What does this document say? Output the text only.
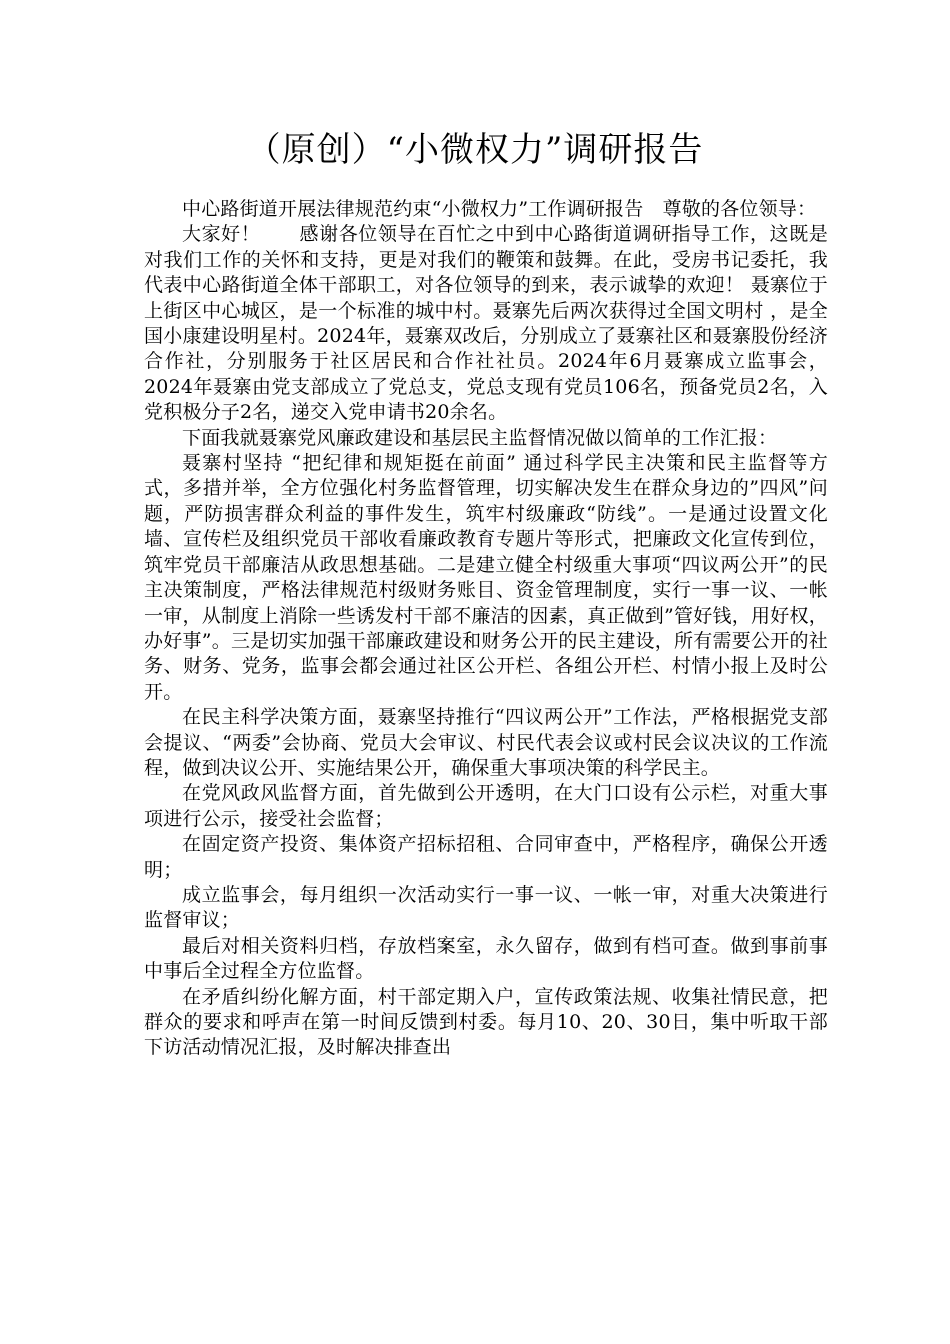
（原创）“小微权力”调研报告

中心路街道开展法律规范约束“小微权力”工作调研报告　尊敬的各位领导：

大家好！　　感谢各位领导在百忙之中到中心路街道调研指导工作，这既是对我们工作的关怀和支持，更是对我们的鞭策和鼓舞。在此，受房书记委托，我代表中心路街道全体干部职工，对各位领导的到来，表示诚挚的欢迎！ 聂寨位于上街区中心城区，是一个标准的城中村。聂寨先后两次获得过全国文明村 ，是全国小康建设明星村。2024年，聂寨双改后，分别成立了聂寨社区和聂寨股份经济合作社，分别服务于社区居民和合作社社员。2024年6月聂寨成立监事会，2024年聂寨由党支部成立了党总支，党总支现有党员106名，预备党员2名，入党积极分子2名，递交入党申请书20余名。

下面我就聂寨党风廉政建设和基层民主监督情况做以简单的工作汇报：

聂寨村坚持 “把纪律和规矩挺在前面” 通过科学民主决策和民主监督等方式，多措并举，全方位强化村务监督管理，切实解决发生在群众身边的”四风”问题，严防损害群众利益的事件发生，筑牢村级廉政“防线”。一是通过设置文化墙、宣传栏及组织党员干部收看廉政教育专题片等形式，把廉政文化宣传到位，筑牢党员干部廉洁从政思想基础。二是建立健全村级重大事项“四议两公开”的民主决策制度，严格法律规范村级财务账目、资金管理制度，实行一事一议、一帐一审，从制度上消除一些诱发村干部不廉洁的因素，真正做到”管好钱，用好权，办好事”。三是切实加强干部廉政建设和财务公开的民主建设，所有需要公开的社务、财务、党务，监事会都会通过社区公开栏、各组公开栏、村情小报上及时公开。

在民主科学决策方面，聂寨坚持推行“四议两公开”工作法，严格根据党支部会提议、“两委”会协商、党员大会审议、村民代表会议或村民会议决议的工作流程，做到决议公开、实施结果公开，确保重大事项决策的科学民主。

在党风政风监督方面，首先做到公开透明，在大门口设有公示栏，对重大事项进行公示，接受社会监督；

在固定资产投资、集体资产招标招租、合同审查中，严格程序，确保公开透明；

成立监事会，每月组织一次活动实行一事一议、一帐一审，对重大决策进行监督审议；

最后对相关资料归档，存放档案室，永久留存，做到有档可查。做到事前事中事后全过程全方位监督。

在矛盾纠纷化解方面，村干部定期入户，宣传政策法规、收集社情民意，把群众的要求和呼声在第一时间反馈到村委。每月10、20、30日，集中听取干部下访活动情况汇报，及时解决排查出
